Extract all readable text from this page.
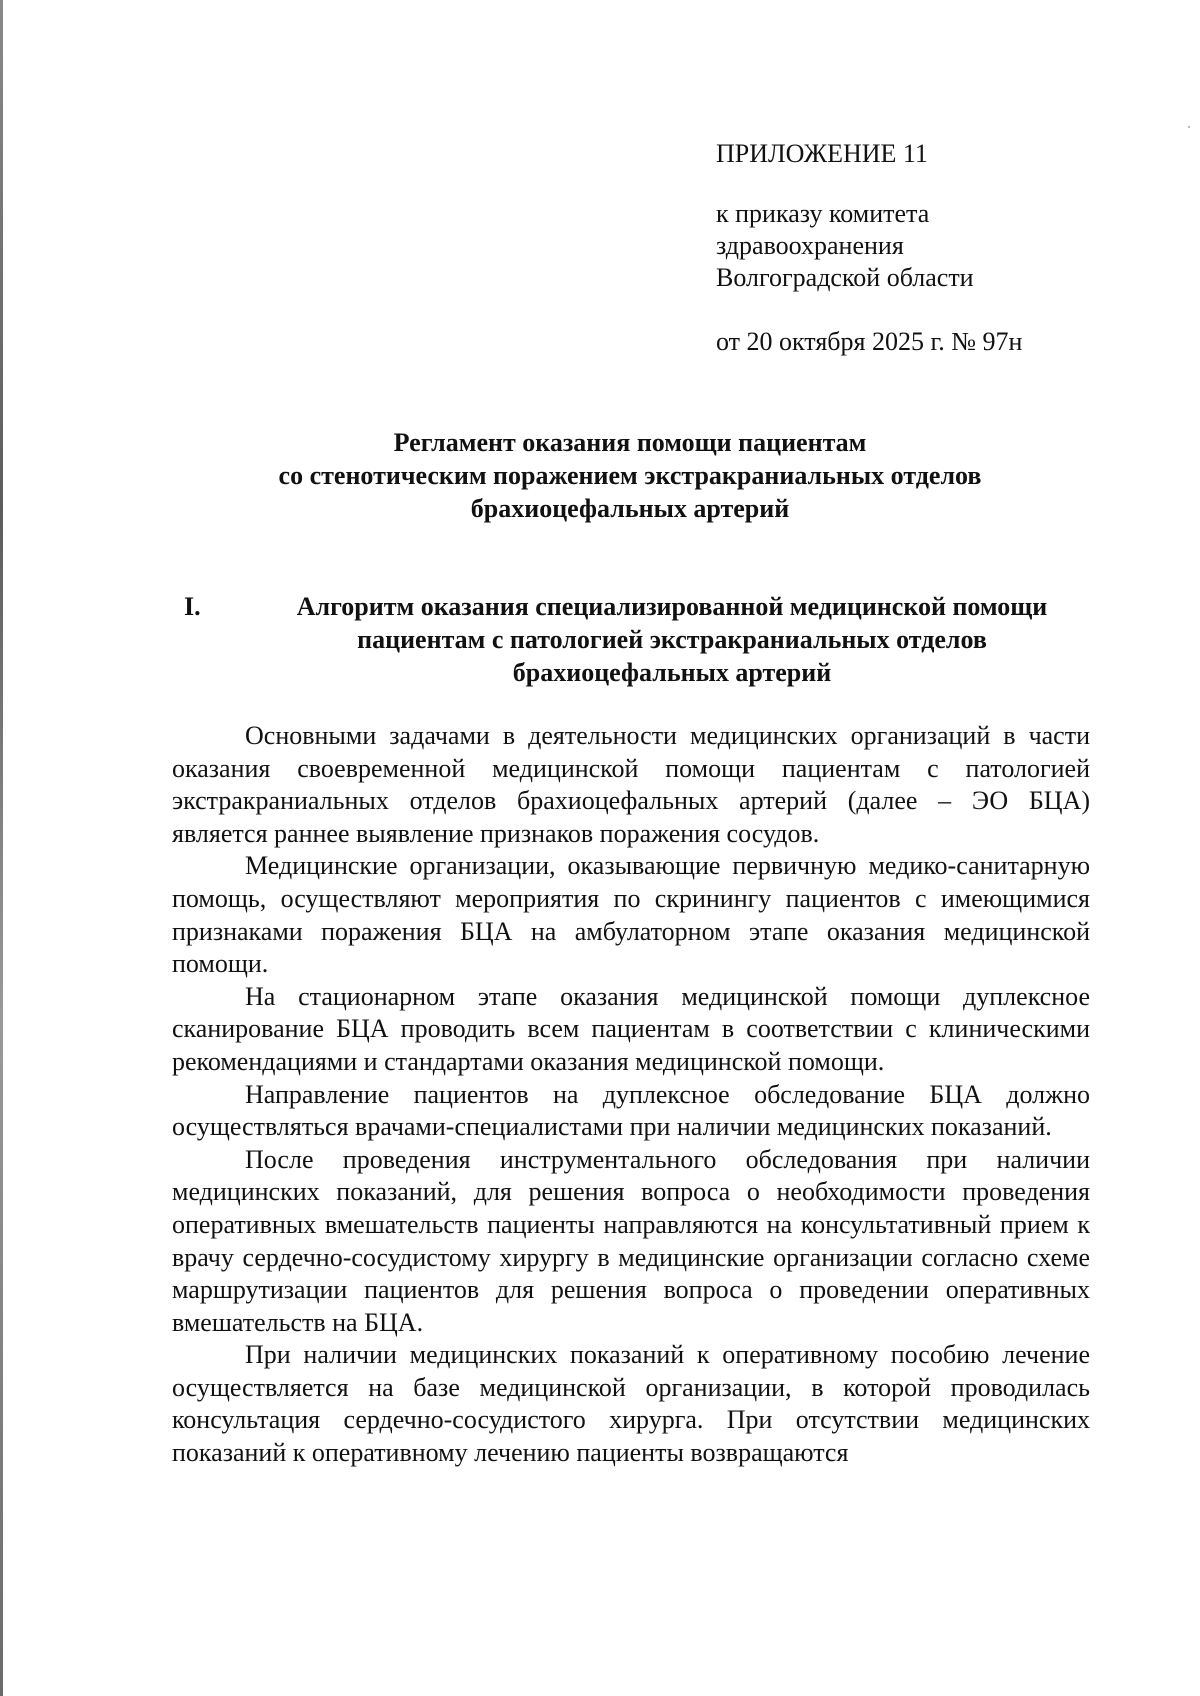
ПРИЛОЖЕНИЕ 11
к приказу комитета
здравоохранения
Волгоградской области
от 20 октября 2025 г. № 97н
Регламент оказания помощи пациентам
со стенотическим поражением экстракраниальных отделов
брахиоцефальных артерий
I.	Алгоритм оказания специализированной медицинской помощи
пациентам с патологией экстракраниальных отделов
брахиоцефальных артерий

Основными задачами в деятельности медицинских организаций в части оказания своевременной медицинской помощи пациентам с патологией экстракраниальных отделов брахиоцефальных артерий (далее – ЭО БЦА) является раннее выявление признаков поражения сосудов.

Медицинские организации, оказывающие первичную медико-санитарную помощь, осуществляют мероприятия по скринингу пациентов с имеющимися признаками поражения БЦА на амбулаторном этапе оказания медицинской помощи.

На стационарном этапе оказания медицинской помощи дуплексное сканирование БЦА проводить всем пациентам в соответствии с клиническими рекомендациями и стандартами оказания медицинской помощи.

Направление пациентов на дуплексное обследование БЦА должно осуществляться врачами-специалистами при наличии медицинских показаний.

После проведения инструментального обследования при наличии медицинских показаний, для решения вопроса о необходимости проведения оперативных вмешательств пациенты направляются на консультативный прием к врачу сердечно-сосудистому хирургу в медицинские организации согласно схеме маршрутизации пациентов для решения вопроса о проведении оперативных вмешательств на БЦА.

При наличии медицинских показаний к оперативному пособию лечение осуществляется на базе медицинской организации, в которой проводилась консультация сердечно-сосудистого хирурга. При отсутствии медицинских показаний к оперативному лечению пациенты возвращаются
